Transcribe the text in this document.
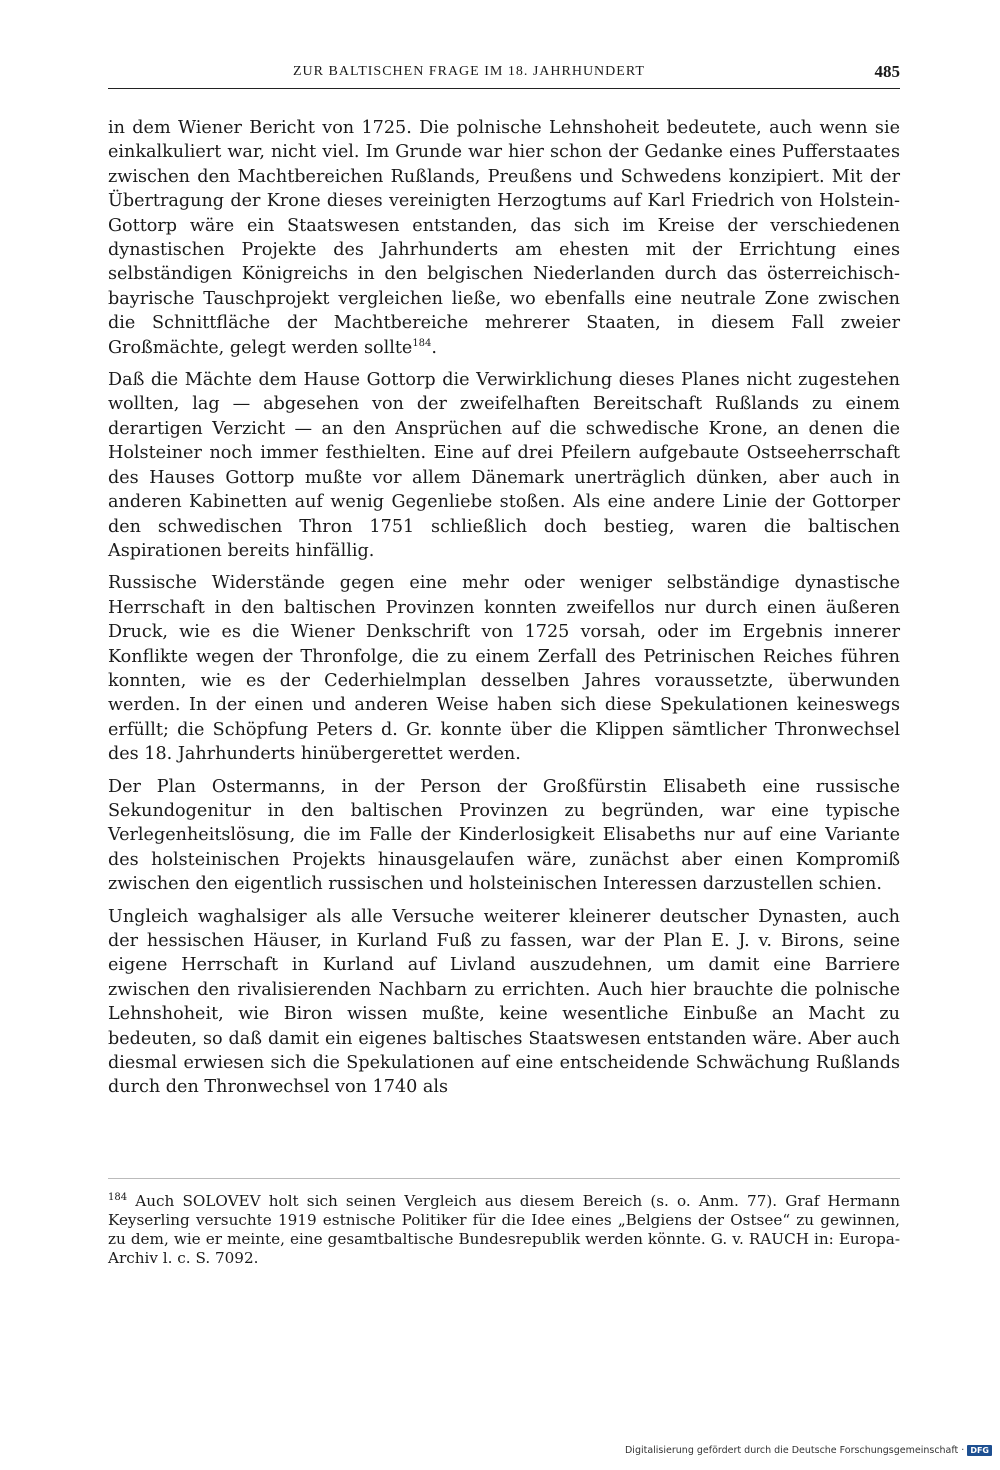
ZUR BALTISCHEN FRAGE IM 18. JAHRHUNDERT	485

in dem Wiener Bericht von 1725. Die polnische Lehnshoheit bedeutete, auch wenn sie einkalkuliert war, nicht viel. Im Grunde war hier schon der Gedanke eines Pufferstaates zwischen den Machtbereichen Rußlands, Preußens und Schwedens konzipiert. Mit der Übertragung der Krone dieses vereinigten Herzogtums auf Karl Friedrich von Holstein-Gottorp wäre ein Staatswesen entstanden, das sich im Kreise der verschiedenen dynastischen Projekte des Jahrhunderts am ehesten mit der Errichtung eines selbständigen Königreichs in den belgischen Niederlanden durch das österreichisch-bayrische Tauschprojekt vergleichen ließe, wo ebenfalls eine neutrale Zone zwischen die Schnittfläche der Machtbereiche mehrerer Staaten, in diesem Fall zweier Großmächte, gelegt werden sollte$^{184}$.

Daß die Mächte dem Hause Gottorp die Verwirklichung dieses Planes nicht zugestehen wollten, lag — abgesehen von der zweifelhaften Bereitschaft Rußlands zu einem derartigen Verzicht — an den Ansprüchen auf die schwedische Krone, an denen die Holsteiner noch immer festhielten. Eine auf drei Pfeilern aufgebaute Ostseeherrschaft des Hauses Gottorp mußte vor allem Dänemark unerträglich dünken, aber auch in anderen Kabinetten auf wenig Gegenliebe stoßen. Als eine andere Linie der Gottorper den schwedischen Thron 1751 schließlich doch bestieg, waren die baltischen Aspirationen bereits hinfällig.

Russische Widerstände gegen eine mehr oder weniger selbständige dynastische Herrschaft in den baltischen Provinzen konnten zweifellos nur durch einen äußeren Druck, wie es die Wiener Denkschrift von 1725 vorsah, oder im Ergebnis innerer Konflikte wegen der Thronfolge, die zu einem Zerfall des Petrinischen Reiches führen konnten, wie es der Cederhielmplan desselben Jahres voraussetzte, überwunden werden. In der einen und anderen Weise haben sich diese Spekulationen keineswegs erfüllt; die Schöpfung Peters d. Gr. konnte über die Klippen sämtlicher Thronwechsel des 18. Jahrhunderts hinübergerettet werden.

Der Plan Ostermanns, in der Person der Großfürstin Elisabeth eine russische Sekundogenitur in den baltischen Provinzen zu begründen, war eine typische Verlegenheitslösung, die im Falle der Kinderlosigkeit Elisabeths nur auf eine Variante des holsteinischen Projekts hinausgelaufen wäre, zunächst aber einen Kompromiß zwischen den eigentlich russischen und holsteinischen Interessen darzustellen schien.

Ungleich waghalsiger als alle Versuche weiterer kleinerer deutscher Dynasten, auch der hessischen Häuser, in Kurland Fuß zu fassen, war der Plan E. J. v. Birons, seine eigene Herrschaft in Kurland auf Livland auszudehnen, um damit eine Barriere zwischen den rivalisierenden Nachbarn zu errichten. Auch hier brauchte die polnische Lehnshoheit, wie Biron wissen mußte, keine wesentliche Einbuße an Macht zu bedeuten, so daß damit ein eigenes baltisches Staatswesen entstanden wäre. Aber auch diesmal erwiesen sich die Spekulationen auf eine entscheidende Schwächung Rußlands durch den Thronwechsel von 1740 als

$^{184}$ Auch SOLOVEV holt sich seinen Vergleich aus diesem Bereich (s. o. Anm. 77). Graf Hermann Keyserling versuchte 1919 estnische Politiker für die Idee eines „Belgiens der Ostsee“ zu gewinnen, zu dem, wie er meinte, eine gesamtbaltische Bundesrepublik werden könnte. G. v. RAUCH in: Europa-Archiv l. c. S. 7092.
Digitalisierung gefördert durch die Deutsche Forschungsgemeinschaft · DFG
